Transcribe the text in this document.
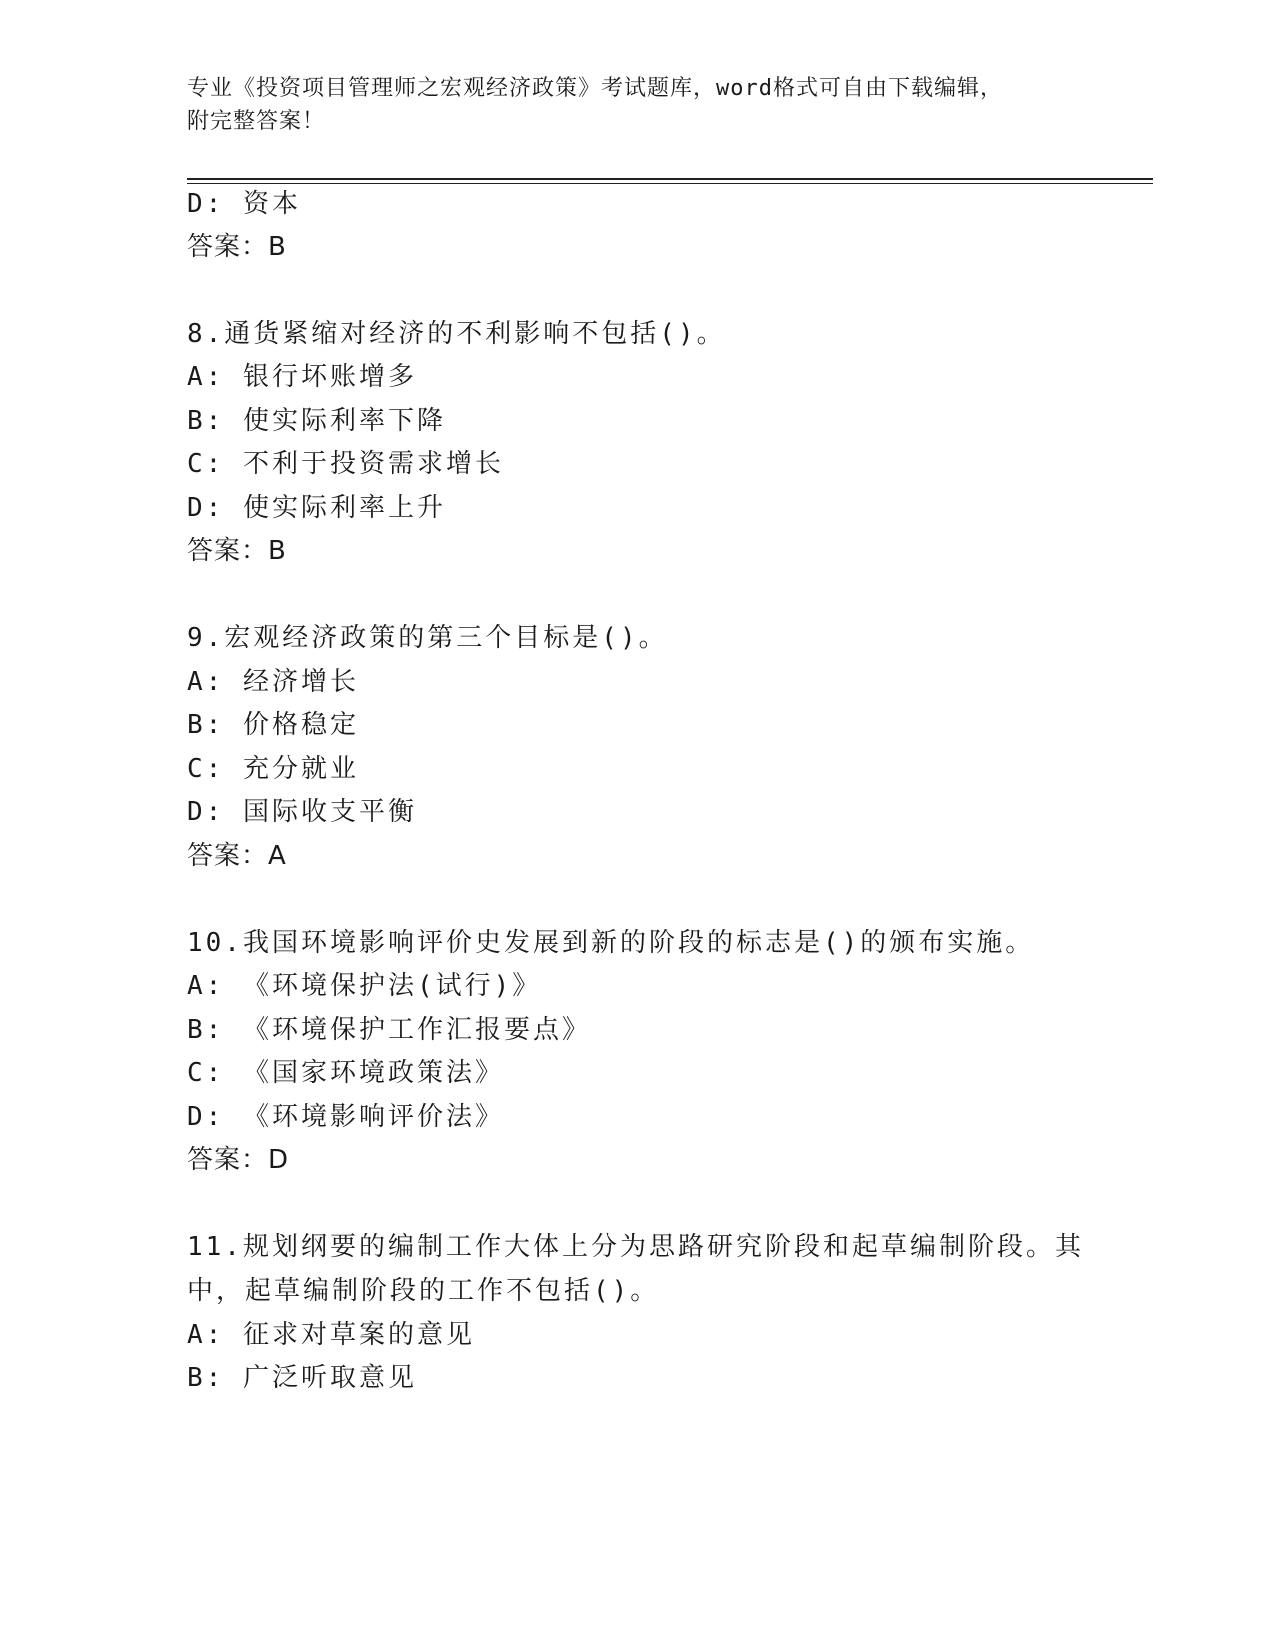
专业《投资项目管理师之宏观经济政策》考试题库，word格式可自由下载编辑，
附完整答案！
D: 资本
答案：B
8.通货紧缩对经济的不利影响不包括()。
A: 银行坏账增多
B: 使实际利率下降
C: 不利于投资需求增长
D: 使实际利率上升
答案：B
9.宏观经济政策的第三个目标是()。
A: 经济增长
B: 价格稳定
C: 充分就业
D: 国际收支平衡
答案：A
10.我国环境影响评价史发展到新的阶段的标志是()的颁布实施。
A: 《环境保护法(试行)》
B: 《环境保护工作汇报要点》
C: 《国家环境政策法》
D: 《环境影响评价法》
答案：D
11.规划纲要的编制工作大体上分为思路研究阶段和起草编制阶段。其
中，起草编制阶段的工作不包括()。
A: 征求对草案的意见
B: 广泛听取意见
